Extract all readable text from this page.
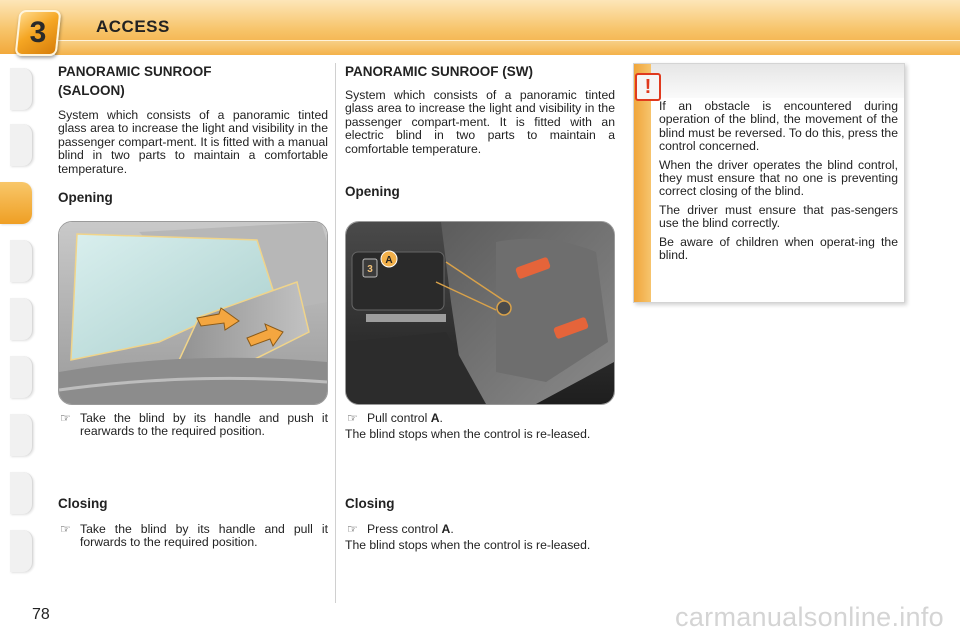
3	ACCESS
PANORAMIC SUNROOF (SALOON)

System which consists of a panoramic tinted glass area to increase the light and visibility in the passenger compart-ment. It is fitted with a manual blind in two parts to maintain a comfortable temperature.

Opening
☞ Take the blind by its handle and push it rearwards to the required position.
Closing
☞ Take the blind by its handle and pull it forwards to the required position.
PANORAMIC SUNROOF (SW)

System which consists of a panoramic tinted glass area to increase the light and visibility in the passenger compart-ment. It is fitted with an electric blind in two parts to maintain a comfortable temperature.

Opening
3
A
☞ Pull control A.

The blind stops when the control is re-leased.

Closing
☞ Press control A.

The blind stops when the control is re-leased.

!

If an obstacle is encountered during operation of the blind, the movement of the blind must be reversed. To do this, press the control concerned.

When the driver operates the blind control, they must ensure that no one is preventing correct closing of the blind.

The driver must ensure that pas-sengers use the blind correctly.

Be aware of children when operat-ing the blind.

78	carmanualsonline.info
